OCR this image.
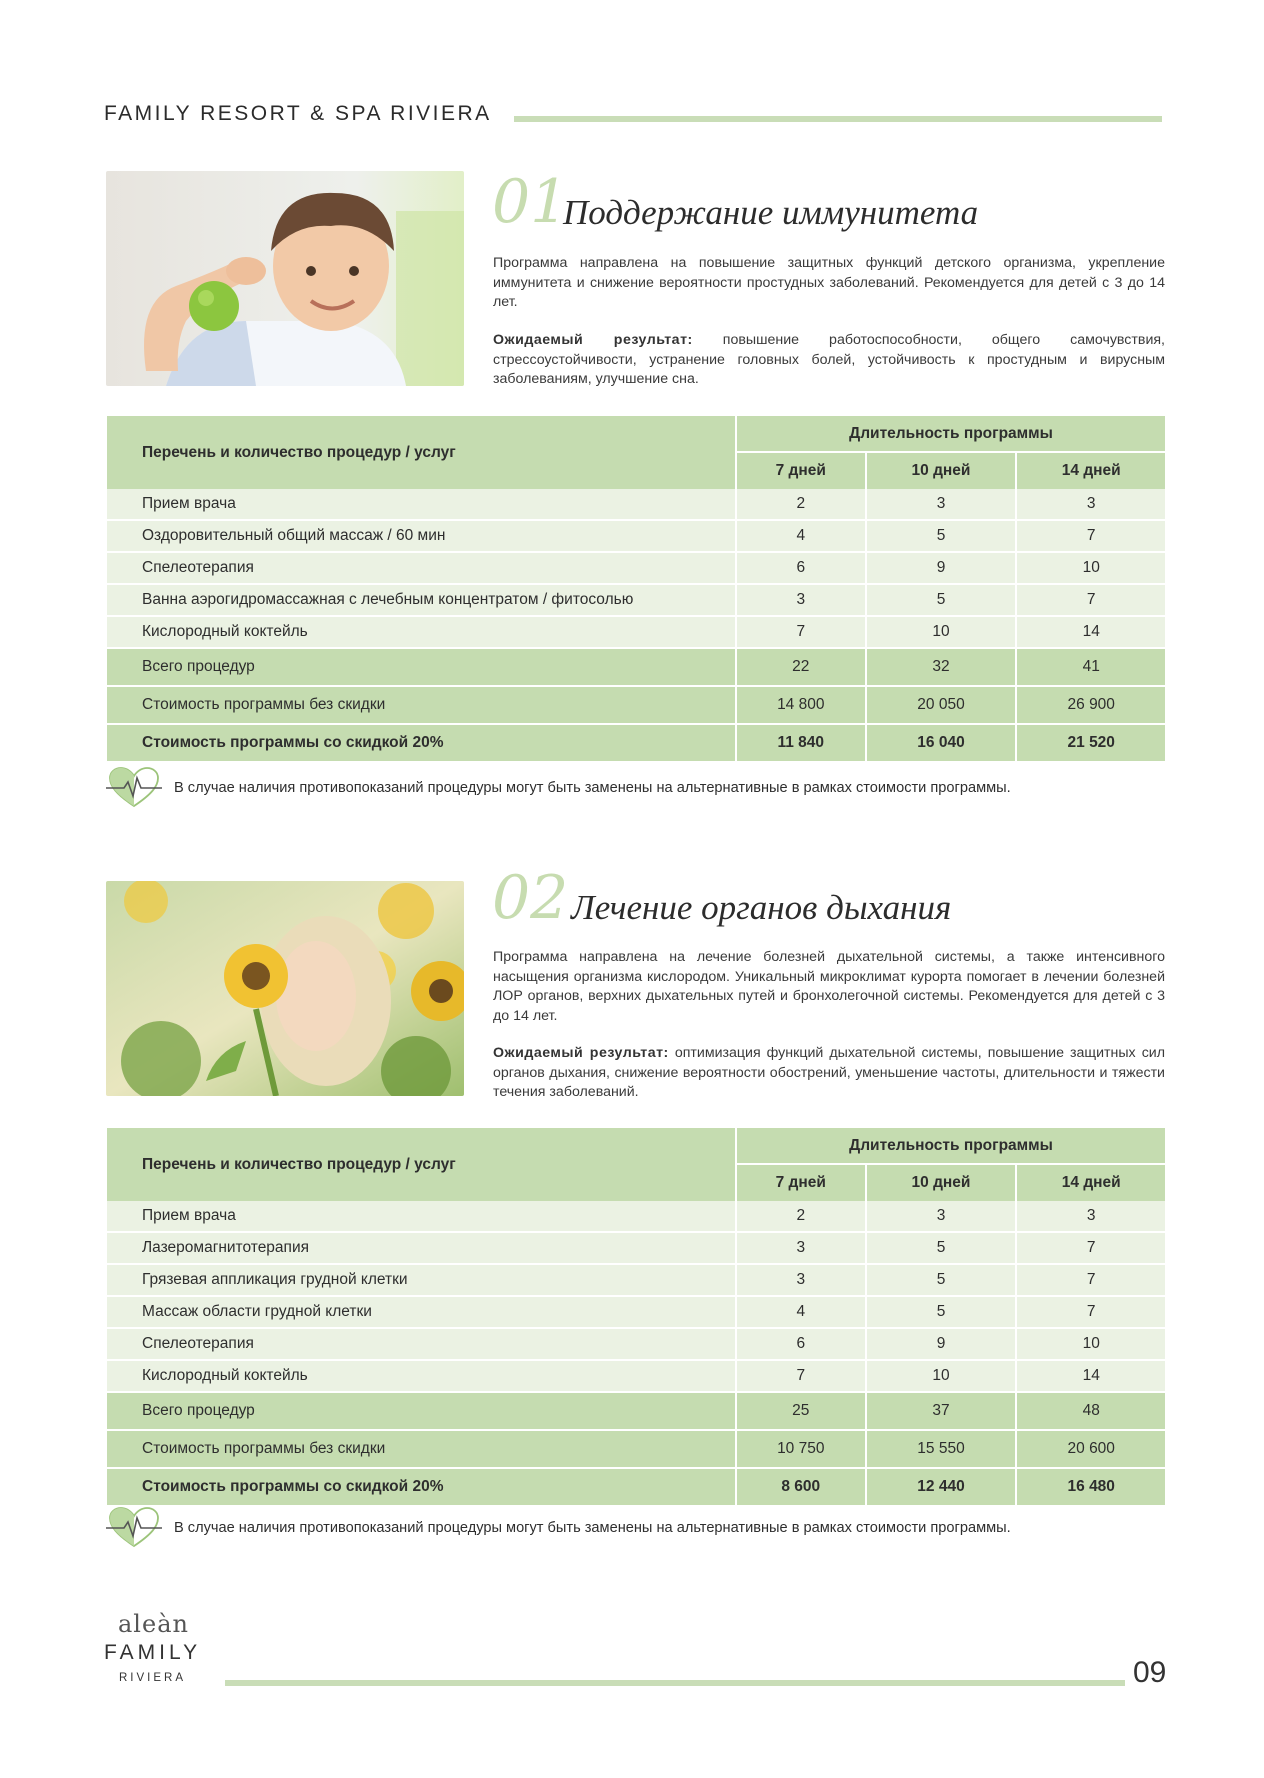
FAMILY RESORT & SPA RIVIERA
01
Поддержание иммунитета
Программа направлена на повышение защитных функций детского организма, укрепление иммунитета и снижение вероятности простудных заболеваний. Рекомендуется для детей с 3 до 14 лет.
Ожидаемый результат: повышение работоспособности, общего самочувствия, стрессоустойчивости, устранение головных болей, устойчивость к простудным и вирусным заболеваниям, улучшение сна.
Перечень и количество процедур / услуг	Длительность программы		
	7 дней	10 дней	14 дней
Прием врача	2	3	3
Оздоровительный общий массаж / 60 мин	4	5	7
Спелеотерапия	6	9	10
Ванна аэрогидромассажная с лечебным концентратом / фитосолью	3	5	7
Кислородный коктейль	7	10	14
Всего процедур	22	32	41
Стоимость программы без скидки	14 800	20 050	26 900
Стоимость программы со скидкой 20%	11 840	16 040	21 520
В случае наличия противопоказаний процедуры могут быть заменены на альтернативные в рамках стоимости программы.
02 Лечение органов дыхания
Программа направлена на лечение болезней дыхательной системы, а также интенсивного насыщения организма кислородом. Уникальный микроклимат курорта помогает в лечении болезней ЛОР органов, верхних дыхательных путей и бронхолегочной системы. Рекомендуется для детей с 3 до 14 лет.
Ожидаемый результат: оптимизация функций дыхательной системы, повышение защитных сил органов дыхания, снижение вероятности обострений, уменьшение частоты, длительности и тяжести течения заболеваний.
Перечень и количество процедур / услуг	Длительность программы		
	7 дней	10 дней	14 дней
Прием врача	2	3	3
Лазеромагнитотерапия	3	5	7
Грязевая аппликация грудной клетки	3	5	7
Массаж области грудной клетки	4	5	7
Спелеотерапия	6	9	10
Кислородный коктейль	7	10	14
Всего процедур	25	37	48
Стоимость программы без скидки	10 750	15 550	20 600
Стоимость программы со скидкой 20%	8 600	12 440	16 480
В случае наличия противопоказаний процедуры могут быть заменены на альтернативные в рамках стоимости программы.
aleàn
FAMILY
RIVIERA	09
